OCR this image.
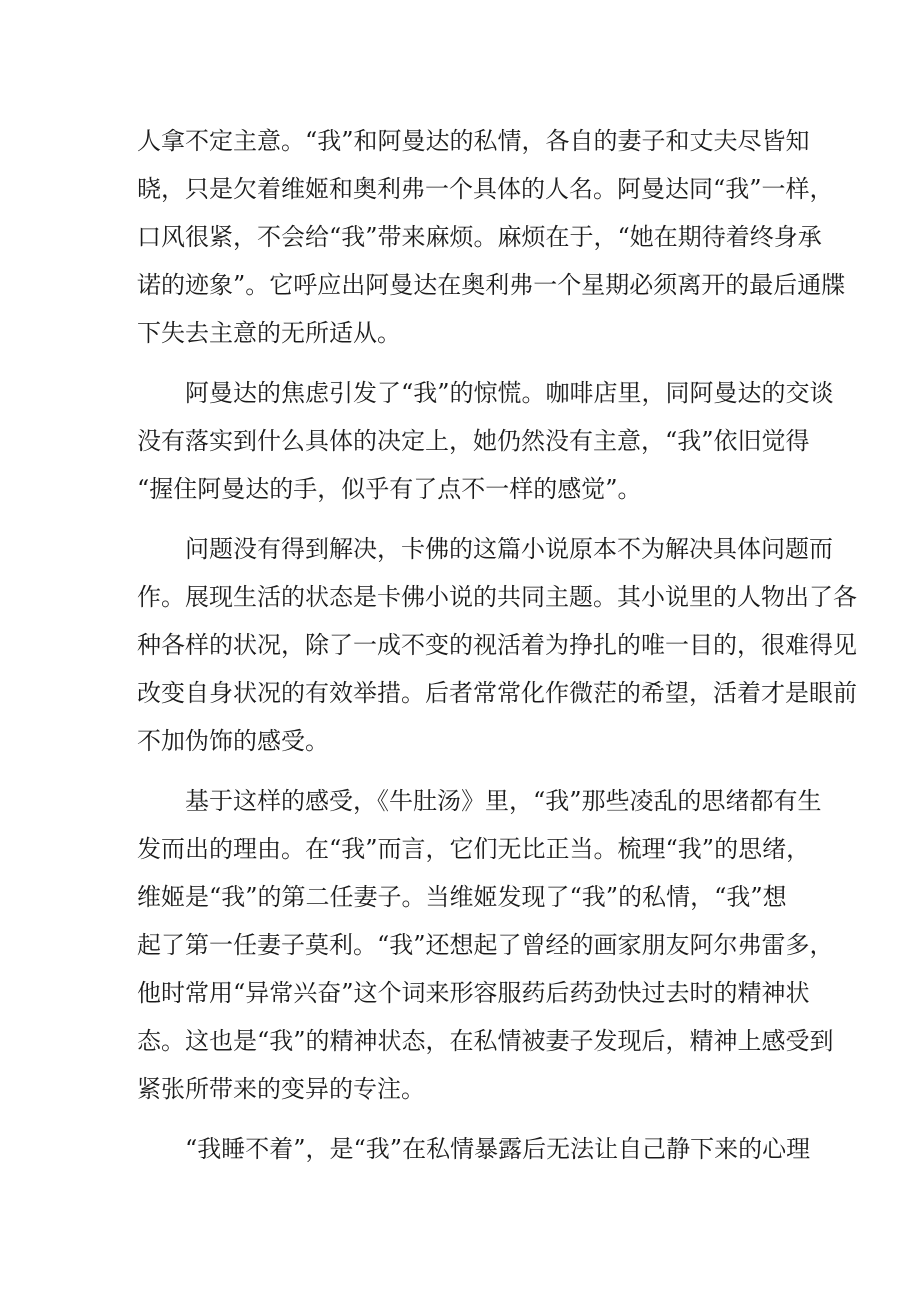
人拿不定主意。“我”和阿曼达的私情，各自的妻子和丈夫尽皆知
晓，只是欠着维姬和奥利弗一个具体的人名。阿曼达同“我”一样，
口风很紧，不会给“我”带来麻烦。麻烦在于，“她在期待着终身承
诺的迹象”。它呼应出阿曼达在奥利弗一个星期必须离开的最后通牒
下失去主意的无所适从。
阿曼达的焦虑引发了“我”的惊慌。咖啡店里，同阿曼达的交谈
没有落实到什么具体的决定上，她仍然没有主意，“我”依旧觉得
“握住阿曼达的手，似乎有了点不一样的感觉”。
问题没有得到解决，卡佛的这篇小说原本不为解决具体问题而
作。展现生活的状态是卡佛小说的共同主题。其小说里的人物出了各
种各样的状况，除了一成不变的视活着为挣扎的唯一目的，很难得见
改变自身状况的有效举措。后者常常化作微茫的希望，活着才是眼前
不加伪饰的感受。
基于这样的感受，《牛肚汤》里，“我”那些凌乱的思绪都有生
发而出的理由。在“我”而言，它们无比正当。梳理“我”的思绪，
维姬是“我”的第二任妻子。当维姬发现了“我”的私情，“我”想
起了第一任妻子莫利。“我”还想起了曾经的画家朋友阿尔弗雷多，
他时常用“异常兴奋”这个词来形容服药后药劲快过去时的精神状
态。这也是“我”的精神状态，在私情被妻子发现后，精神上感受到
紧张所带来的变异的专注。
“我睡不着”，是“我”在私情暴露后无法让自己静下来的心理
